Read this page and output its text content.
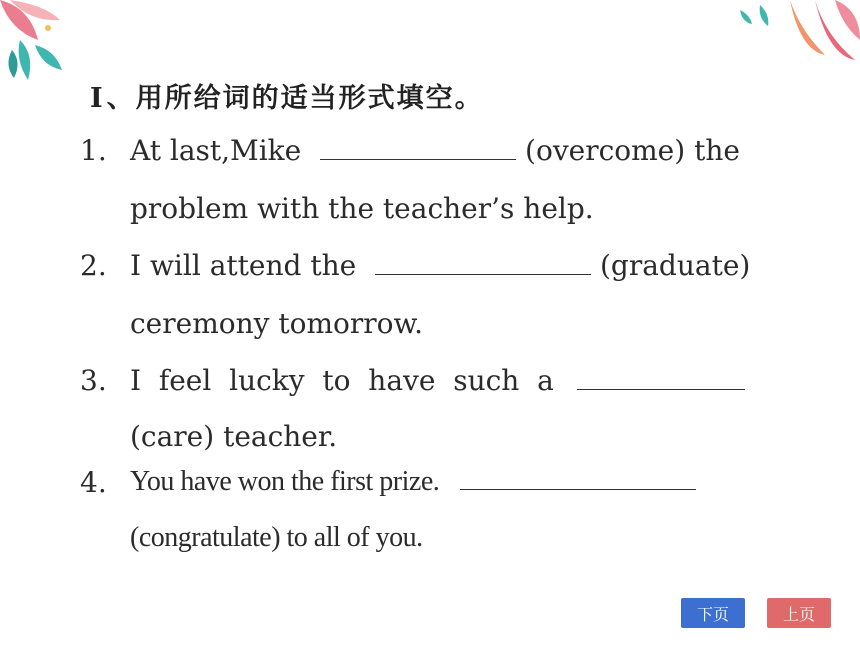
Ⅰ、用所给词的适当形式填空。
1. At last,Mike	(overcome) the
problem with the teacher’s help.
2. I will attend the	(graduate)
ceremony tomorrow.
3. I  feel  lucky  to  have  such  a
(care) teacher.
4. You have won the first prize.
(congratulate) to all of you.
下页	上页
